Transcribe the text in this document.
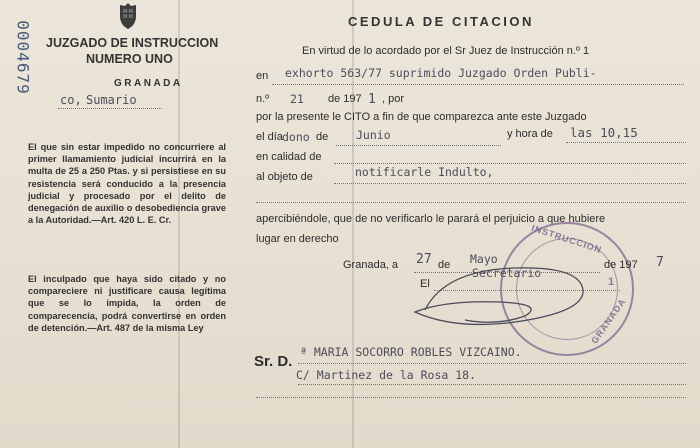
0004679 JUZGADO DE INSTRUCCION
NUMERO UNO
GRANADA
co, Sumario
CEDULA DE CITACION
El que sin estar impedido no concurriere al primer llamamiento judicial incurrirá en la multa de 25 a 250 Ptas. y si persistiese en su resistencia será conducido a la presencia judicial y procesado por el delito de denegación de auxilio o desobediencia grave a la Autoridad.—Art. 420 L. E. Cr.
El inculpado que haya sido citado y no compareciere ni justificare causa legítima que se lo impida, la orden de comparecencia, podrá convertirse en orden de detención.—Art. 487 de la misma Ley
En virtud de lo acordado por el Sr Juez de Instrucción n.º 1
en exhorto 563/77 suprimido Juzgado Orden Publi-
n.º 21 de 197 1 , por
por la presente le CITO a fin de que comparezca ante este Juzgado
el día dono de Junio	y hora de las 10,15
en calidad de
al objeto de	notificarle Indulto,
apercibiéndole, que de no verificarlo le parará el perjuicio a que hubiere
lugar en derecho	INSTRUCCION
1
GRANADA
Granada, a 27 de Mayo	de 197 7
El
Secretario
Sr. D.
ª MARIA SOCORRO ROBLES VIZCAINO.
C/ Martinez de la Rosa 18.
